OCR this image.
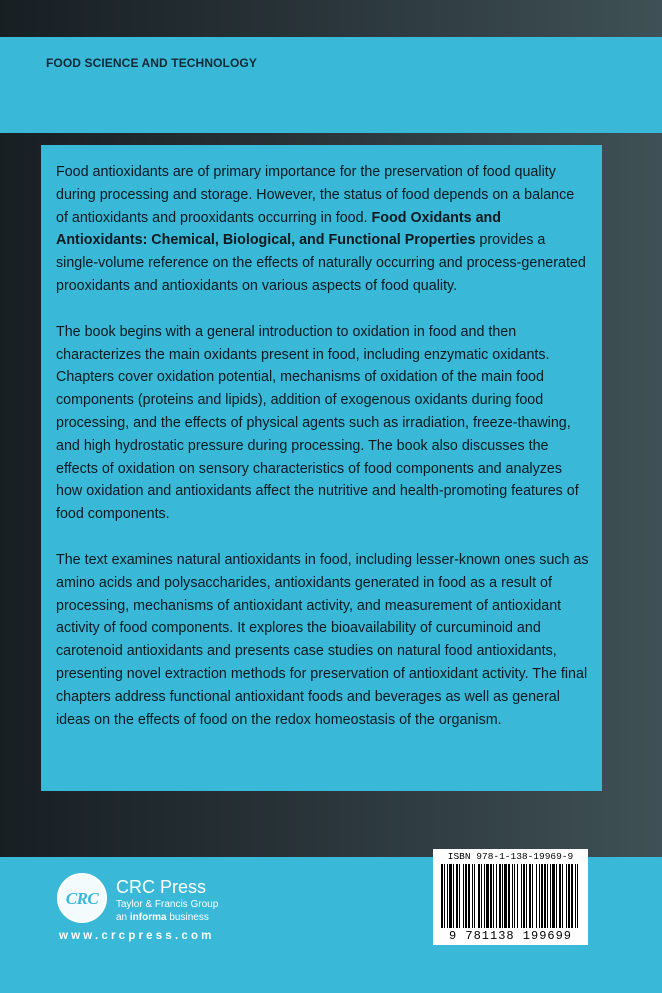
FOOD SCIENCE AND TECHNOLOGY

Food antioxidants are of primary importance for the preservation of food quality during processing and storage. However, the status of food depends on a balance of antioxidants and prooxidants occurring in food. Food Oxidants and Antioxidants: Chemical, Biological, and Functional Properties provides a single-volume reference on the effects of naturally occurring and process-generated prooxidants and antioxidants on various aspects of food quality.

The book begins with a general introduction to oxidation in food and then characterizes the main oxidants present in food, including enzymatic oxidants. Chapters cover oxidation potential, mechanisms of oxidation of the main food components (proteins and lipids), addition of exogenous oxidants during food processing, and the effects of physical agents such as irradiation, freeze-thawing, and high hydrostatic pressure during processing. The book also discusses the effects of oxidation on sensory characteristics of food components and analyzes how oxidation and antioxidants affect the nutritive and health-promoting features of food components.

The text examines natural antioxidants in food, including lesser-known ones such as amino acids and polysaccharides, antioxidants generated in food as a result of processing, mechanisms of antioxidant activity, and measurement of antioxidant activity of food components. It explores the bioavailability of curcuminoid and carotenoid antioxidants and presents case studies on natural food antioxidants, presenting novel extraction methods for preservation of antioxidant activity. The final chapters address functional antioxidant foods and beverages as well as general ideas on the effects of food on the redox homeostasis of the organism.

CRC
CRC Press
Taylor & Francis Group
an informa business
www.crcpress.com
ISBN 978-1-138-19969-9
9 781138 199699
